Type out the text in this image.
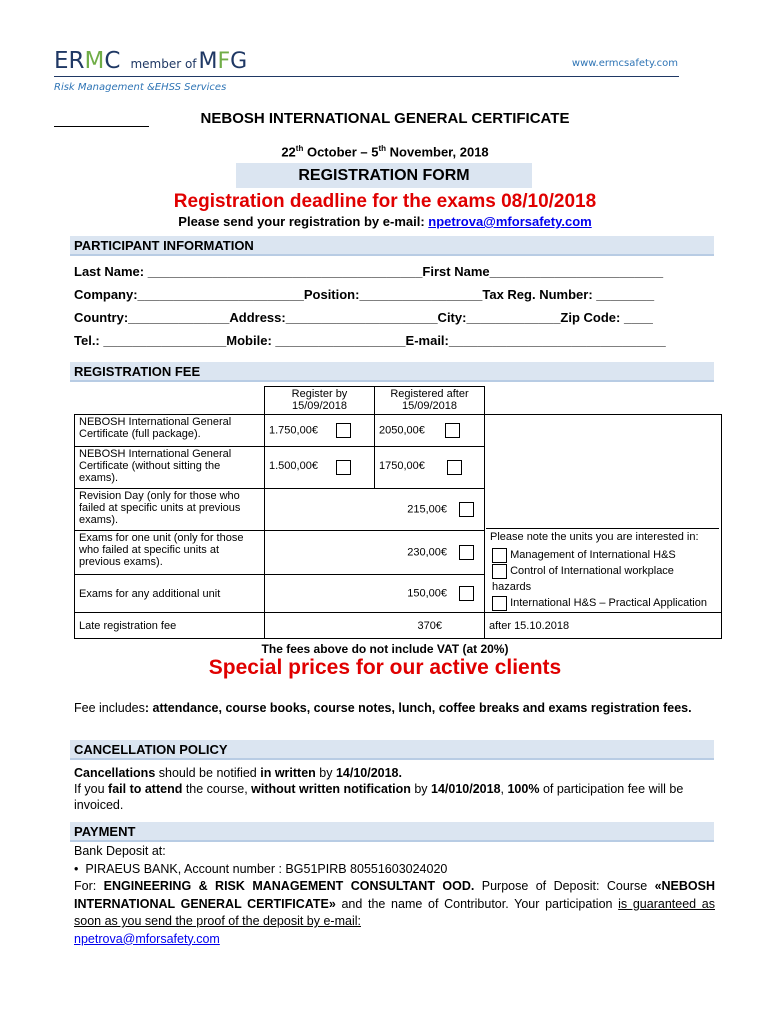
ERMC member ofMFG	www.ermcsafety.com
Risk Management &EHSS Services
NEBOSH INTERNATIONAL GENERAL CERTIFICATE
22th October – 5th November, 2018
REGISTRATION FORM
Registration deadline for the exams 08/10/2018
Please send your registration by e-mail: npetrova@mforsafety.com
PARTICIPANT INFORMATION
Last Name: ______________________________________First Name________________________
Company:_______________________Position:_________________Tax Reg. Number: ________
Country:______________Address:_____________________City:_____________Zip Code: ____
Tel.: _________________Mobile: __________________E-mail:______________________________
REGISTRATION FEE
	Register by 15/09/2018	Registered after 15/09/2018	
NEBOSH International General Certificate (full package).	1.750,00€	2050,00€	
NEBOSH International General Certificate (without sitting the exams).	1.500,00€	1750,00€	
Revision Day (only for those who failed at specific units at previous exams).	215,00€		
Exams for one unit (only for those who failed at specific units at previous exams).	230,00€		
Exams for any additional unit	150,00€		
Late registration fee	370€		after 15.10.2018
Please note the units you are interested in:
Management of International H&S
Control of International workplace hazards
International H&S – Practical Application
The fees above do not include VAT (at 20%)
Special prices for our active clients
Fee includes: attendance, course books, course notes, lunch, coffee breaks and exams registration fees.
CANCELLATION POLICY
Cancellations should be notified in written by 14/10/2018.
If you fail to attend the course, without written notification by 14/010/2018, 100% of participation fee will be invoiced.
PAYMENT
Bank Deposit at:
• PIRAEUS BANK, Account number : BG51PIRB 80551603024020
For: ENGINEERING & RISK MANAGEMENT CONSULTANT OOD. Purpose of Deposit: Course «NEBOSH INTERNATIONAL GENERAL CERTIFICATE» and the name of Contributor. Your participation is guaranteed as soon as you send the proof of the deposit by e-mail:
npetrova@mforsafety.com
